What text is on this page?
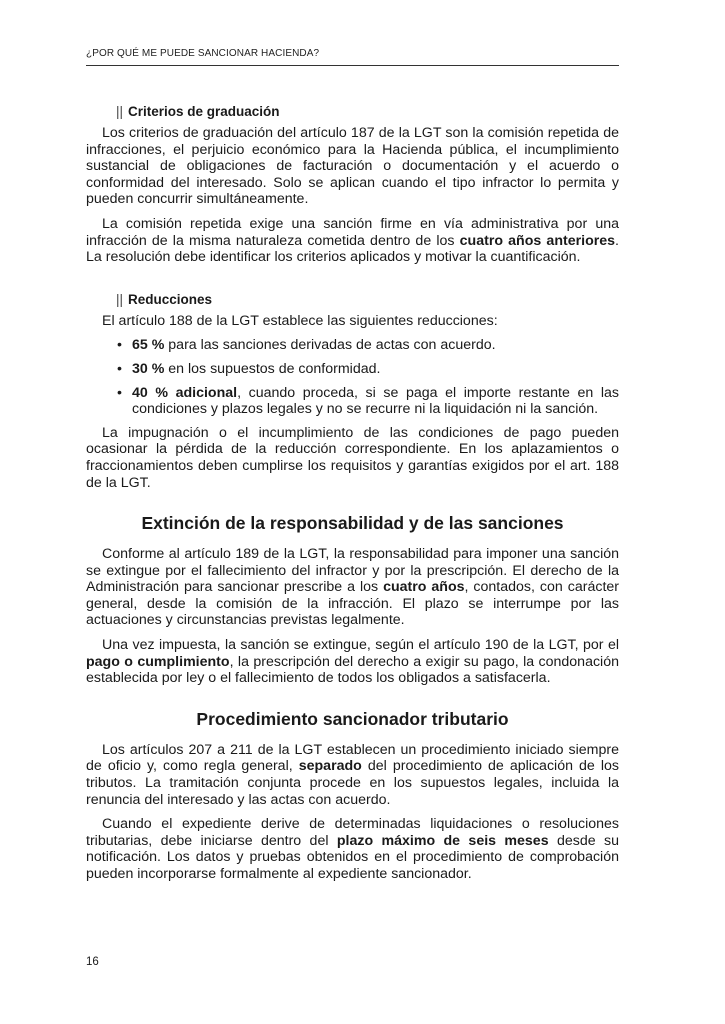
¿POR QUÉ ME PUEDE SANCIONAR HACIENDA?
|| Criterios de graduación

Los criterios de graduación del artículo 187 de la LGT son la comisión repetida de infracciones, el perjuicio económico para la Hacienda pública, el incumplimiento sustancial de obligaciones de facturación o documentación y el acuerdo o conformidad del interesado. Solo se aplican cuando el tipo infractor lo permita y pueden concurrir simultáneamente.

La comisión repetida exige una sanción firme en vía administrativa por una infracción de la misma naturaleza cometida dentro de los cuatro años anteriores. La resolución debe identificar los criterios aplicados y motivar la cuantificación.

|| Reducciones

El artículo 188 de la LGT establece las siguientes reducciones:

• 65 % para las sanciones derivadas de actas con acuerdo.
• 30 % en los supuestos de conformidad.
• 40 % adicional, cuando proceda, si se paga el importe restante en las condiciones y plazos legales y no se recurre ni la liquidación ni la sanción.

La impugnación o el incumplimiento de las condiciones de pago pueden ocasionar la pérdida de la reducción correspondiente. En los aplazamientos o fraccionamientos deben cumplirse los requisitos y garantías exigidos por el art. 188 de la LGT.

Extinción de la responsabilidad y de las sanciones

Conforme al artículo 189 de la LGT, la responsabilidad para imponer una sanción se extingue por el fallecimiento del infractor y por la prescripción. El derecho de la Administración para sancionar prescribe a los cuatro años, contados, con carácter general, desde la comisión de la infracción. El plazo se interrumpe por las actuaciones y circunstancias previstas legalmente.

Una vez impuesta, la sanción se extingue, según el artículo 190 de la LGT, por el pago o cumplimiento, la prescripción del derecho a exigir su pago, la condonación establecida por ley o el fallecimiento de todos los obligados a satisfacerla.

Procedimiento sancionador tributario

Los artículos 207 a 211 de la LGT establecen un procedimiento iniciado siempre de oficio y, como regla general, separado del procedimiento de aplicación de los tributos. La tramitación conjunta procede en los supuestos legales, incluida la renuncia del interesado y las actas con acuerdo.

Cuando el expediente derive de determinadas liquidaciones o resoluciones tributarias, debe iniciarse dentro del plazo máximo de seis meses desde su notificación. Los datos y pruebas obtenidos en el procedimiento de comprobación pueden incorporarse formalmente al expediente sancionador.

16
